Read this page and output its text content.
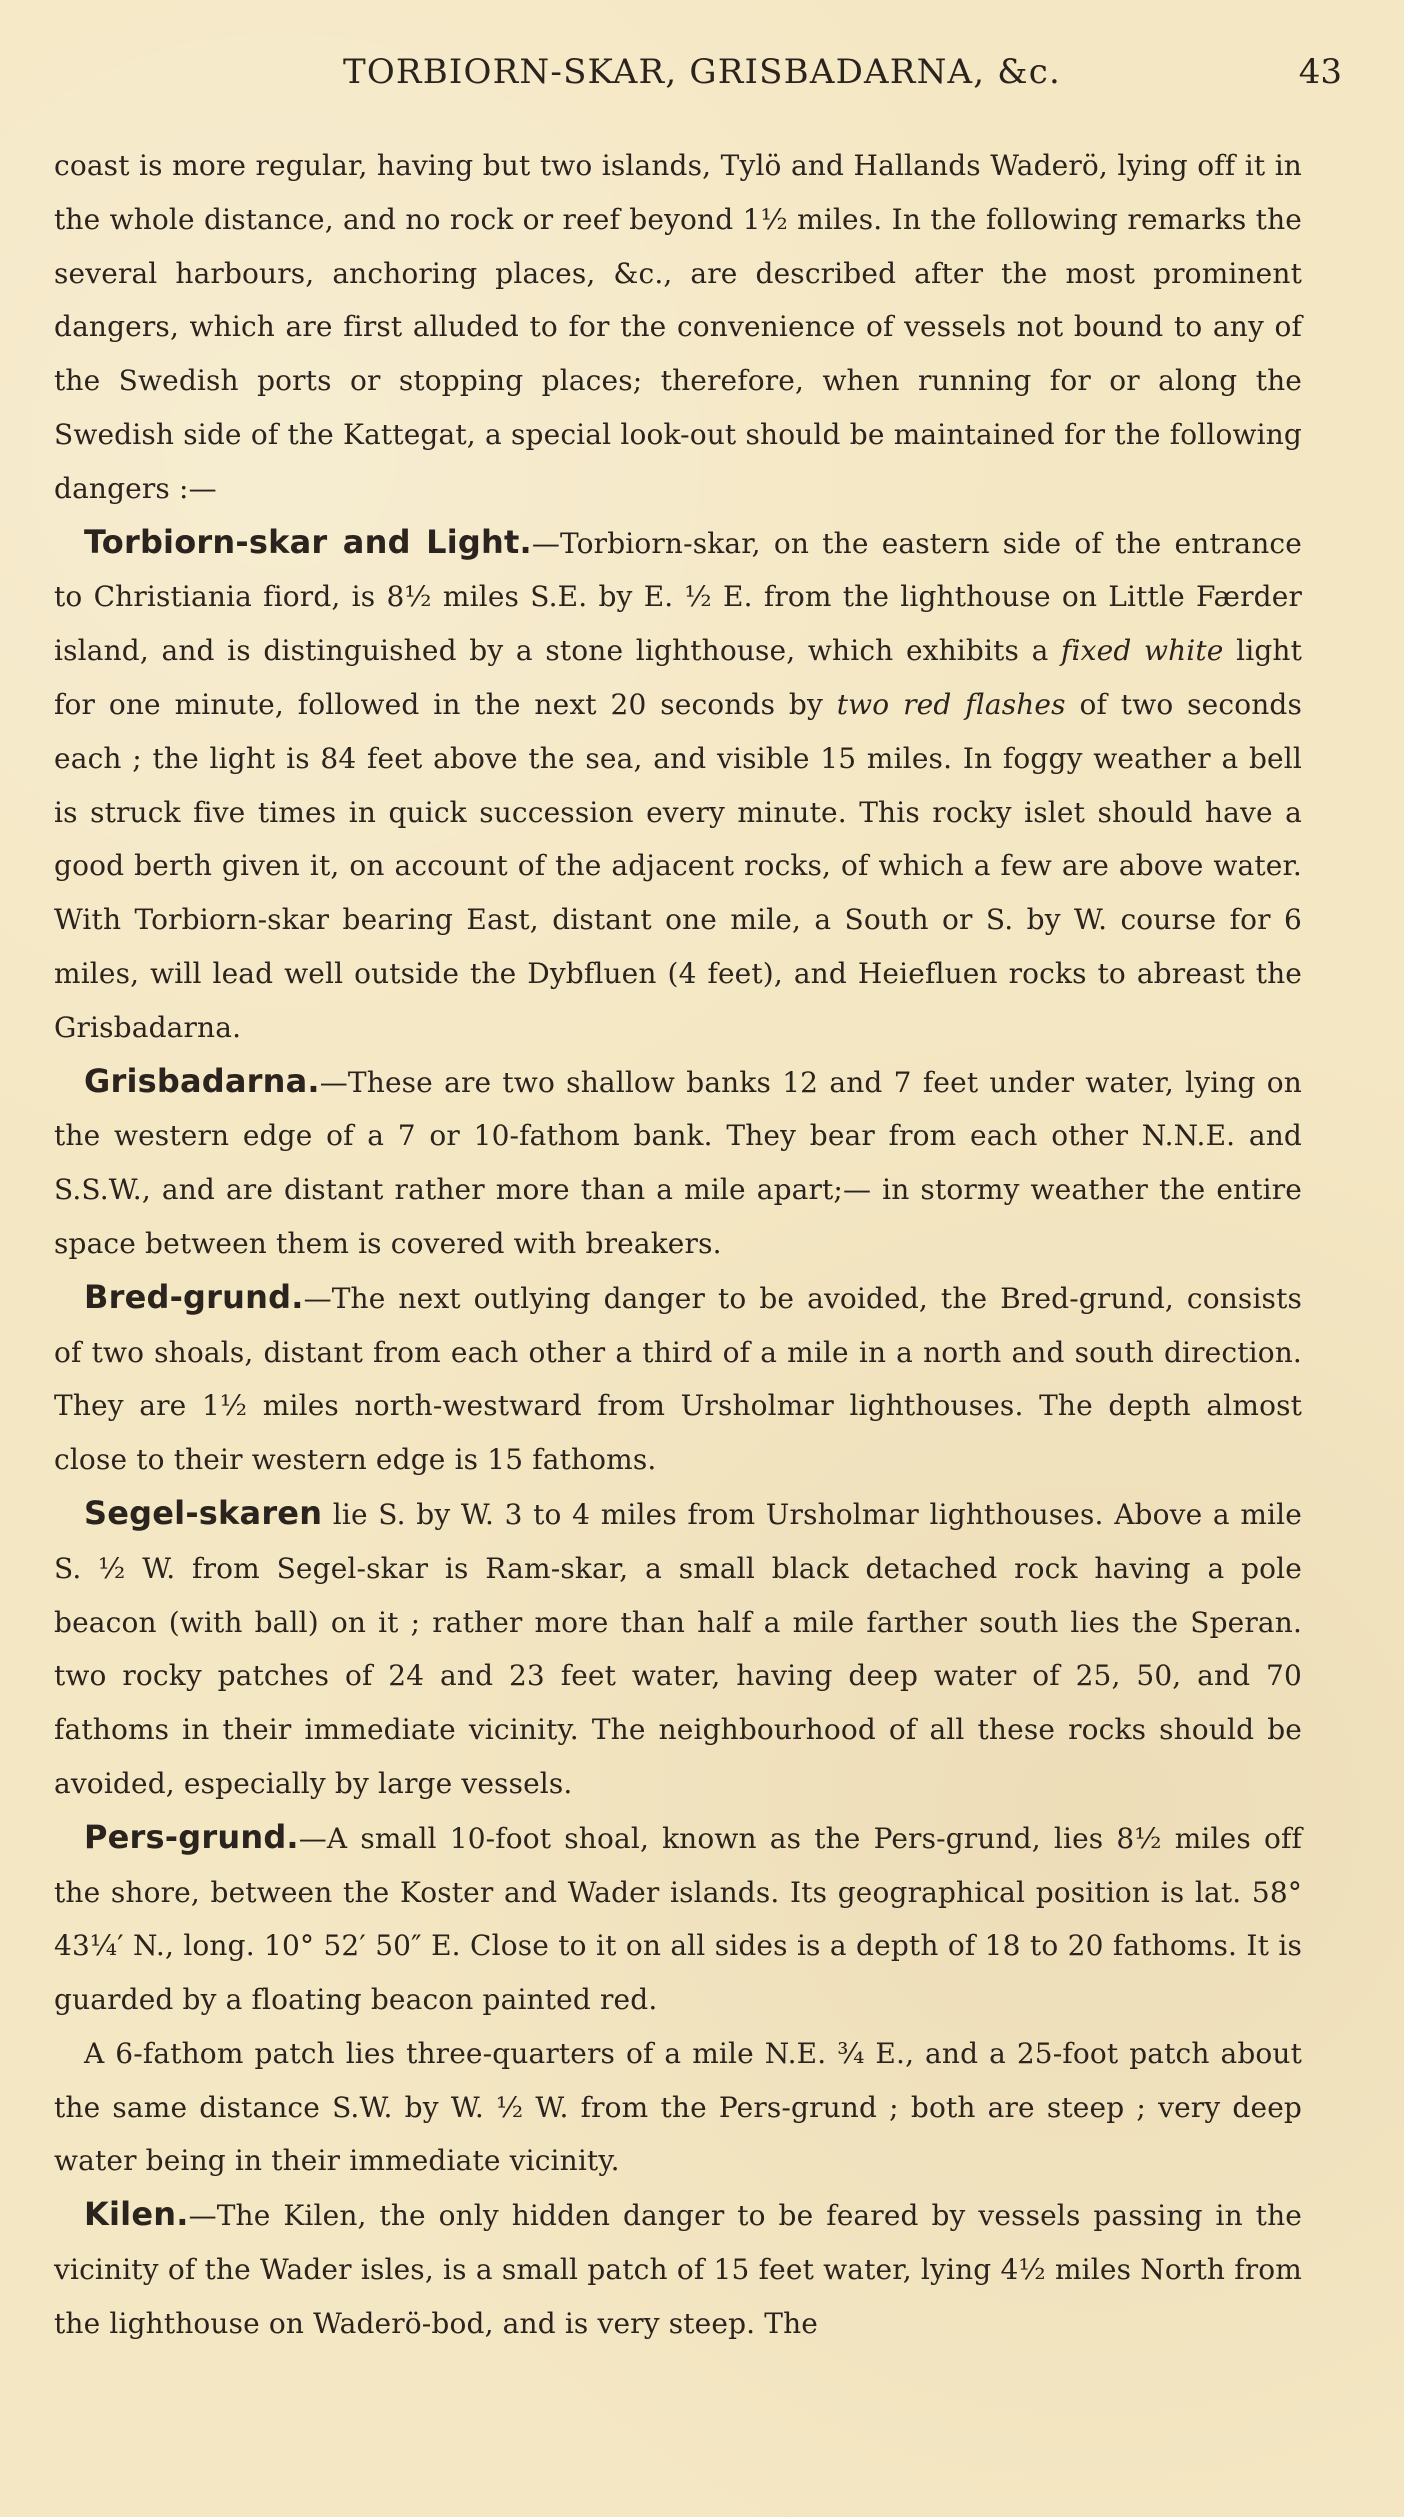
TORBIORN-SKAR, GRISBADARNA, &c.	43

coast is more regular, having but two islands, Tylö and Hallands Waderö, lying off it in the whole distance, and no rock or reef beyond 1½ miles. In the following remarks the several harbours, anchoring places, &c., are described after the most prominent dangers, which are first alluded to for the convenience of vessels not bound to any of the Swedish ports or stopping places; therefore, when running for or along the Swedish side of the Kattegat, a special look-out should be maintained for the following dangers :—

Torbiorn-skar and Light.—Torbiorn-skar, on the eastern side of the entrance to Christiania fiord, is 8½ miles S.E. by E. ½ E. from the lighthouse on Little Færder island, and is distinguished by a stone lighthouse, which exhibits a fixed white light for one minute, followed in the next 20 seconds by two red flashes of two seconds each ; the light is 84 feet above the sea, and visible 15 miles. In foggy weather a bell is struck five times in quick succession every minute. This rocky islet should have a good berth given it, on account of the adjacent rocks, of which a few are above water. With Torbiorn-skar bearing East, distant one mile, a South or S. by W. course for 6 miles, will lead well outside the Dybfluen (4 feet), and Heiefluen rocks to abreast the Grisbadarna.

Grisbadarna.—These are two shallow banks 12 and 7 feet under water, lying on the western edge of a 7 or 10-fathom bank. They bear from each other N.N.E. and S.S.W., and are distant rather more than a mile apart;— in stormy weather the entire space between them is covered with breakers.

Bred-grund.—The next outlying danger to be avoided, the Bred-grund, consists of two shoals, distant from each other a third of a mile in a north and south direction. They are 1½ miles north-westward from Ursholmar lighthouses. The depth almost close to their western edge is 15 fathoms.

Segel-skaren lie S. by W. 3 to 4 miles from Ursholmar lighthouses. Above a mile S. ½ W. from Segel-skar is Ram-skar, a small black detached rock having a pole beacon (with ball) on it ; rather more than half a mile farther south lies the Speran. two rocky patches of 24 and 23 feet water, having deep water of 25, 50, and 70 fathoms in their immediate vicinity. The neighbourhood of all these rocks should be avoided, especially by large vessels.

Pers-grund.—A small 10-foot shoal, known as the Pers-grund, lies 8½ miles off the shore, between the Koster and Wader islands. Its geographical position is lat. 58° 43¼′ N., long. 10° 52′ 50″ E. Close to it on all sides is a depth of 18 to 20 fathoms. It is guarded by a floating beacon painted red.

A 6-fathom patch lies three-quarters of a mile N.E. ¾ E., and a 25-foot patch about the same distance S.W. by W. ½ W. from the Pers-grund ; both are steep ; very deep water being in their immediate vicinity.

Kilen.—The Kilen, the only hidden danger to be feared by vessels passing in the vicinity of the Wader isles, is a small patch of 15 feet water, lying 4½ miles North from the lighthouse on Waderö-bod, and is very steep. The
